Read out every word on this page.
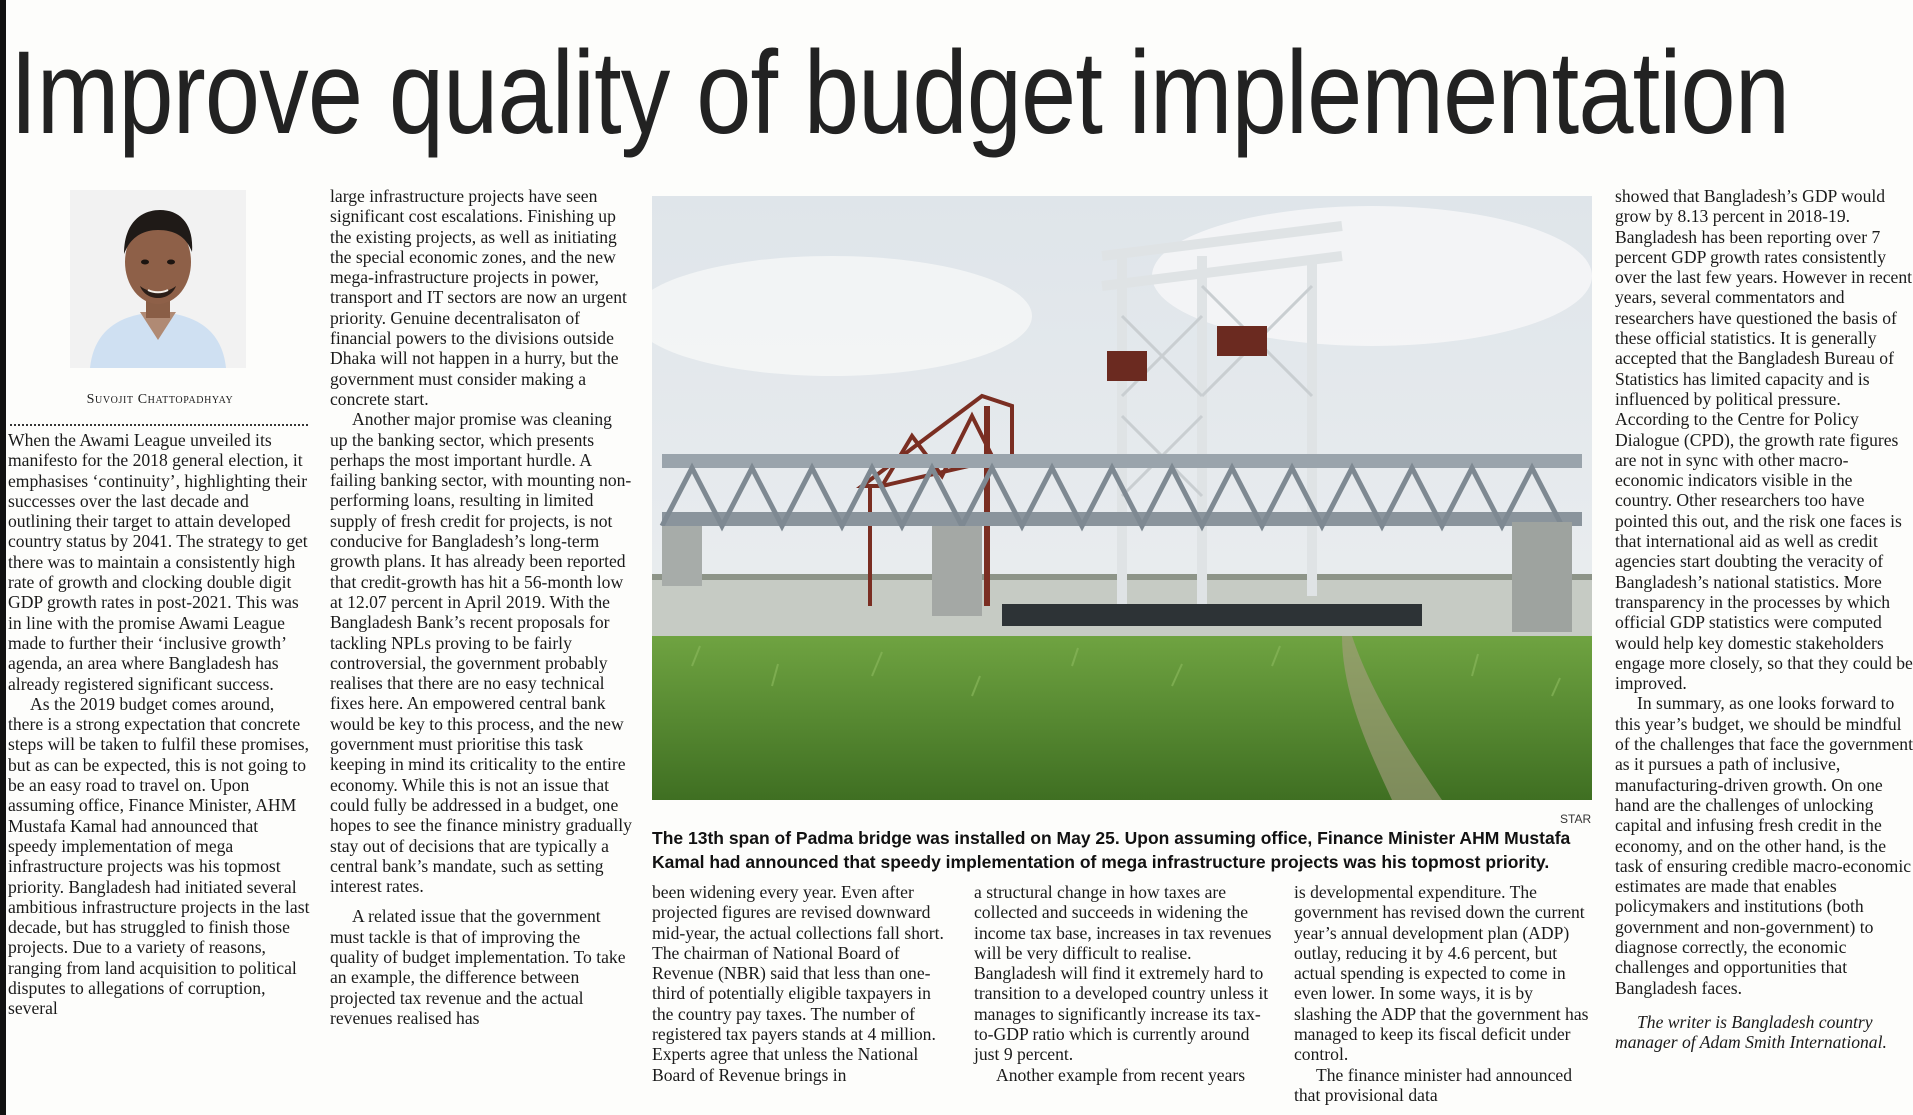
Improve quality of budget implementation
Suvojit Chattopadhyay

When the Awami League unveiled its manifesto for the 2018 general election, it emphasises ‘continuity’, highlighting their successes over the last decade and outlining their target to attain developed country status by 2041. The strategy to get there was to maintain a consistently high rate of growth and clocking double digit GDP growth rates in post-2021. This was in line with the promise Awami League made to further their ‘inclusive growth’ agenda, an area where Bangladesh has already registered significant success.

As the 2019 budget comes around, there is a strong expectation that concrete steps will be taken to fulfil these promises, but as can be expected, this is not going to be an easy road to travel on. Upon assuming office, Finance Minister, AHM Mustafa Kamal had announced that speedy implementation of mega infrastructure projects was his topmost priority. Bangladesh had initiated several ambitious infrastructure projects in the last decade, but has struggled to finish those projects. Due to a variety of reasons, ranging from land acquisition to political disputes to allegations of corruption, several

large infrastructure projects have seen significant cost escalations. Finishing up the existing projects, as well as initiating the special economic zones, and the new mega-infrastructure projects in power, transport and IT sectors are now an urgent priority. Genuine decentralisaton of financial powers to the divisions outside Dhaka will not happen in a hurry, but the government must consider making a concrete start.

Another major promise was cleaning up the banking sector, which presents perhaps the most important hurdle. A failing banking sector, with mounting non-performing loans, resulting in limited supply of fresh credit for projects, is not conducive for Bangladesh’s long-term growth plans. It has already been reported that credit-growth has hit a 56-month low at 12.07 percent in April 2019. With the Bangladesh Bank’s recent proposals for tackling NPLs proving to be fairly controversial, the government probably realises that there are no easy technical fixes here. An empowered central bank would be key to this process, and the new government must prioritise this task keeping in mind its criticality to the entire economy. While this is not an issue that could fully be addressed in a budget, one hopes to see the finance ministry gradually stay out of decisions that are typically a central bank’s mandate, such as setting interest rates.

A related issue that the government must tackle is that of improving the quality of budget implementation. To take an example, the difference between projected tax revenue and the actual revenues realised has

STAR
The 13th span of Padma bridge was installed on May 25. Upon assuming office, Finance Minister AHM Mustafa
Kamal had announced that speedy implementation of mega infrastructure projects was his topmost priority.

been widening every year. Even after projected figures are revised downward mid-year, the actual collections fall short. The chairman of National Board of Revenue (NBR) said that less than one-third of potentially eligible taxpayers in the country pay taxes. The number of registered tax payers stands at 4 million. Experts agree that unless the National Board of Revenue brings in

a structural change in how taxes are collected and succeeds in widening the income tax base, increases in tax revenues will be very difficult to realise. Bangladesh will find it extremely hard to transition to a developed country unless it manages to significantly increase its tax-to-GDP ratio which is currently around just 9 percent.

Another example from recent years

is developmental expenditure. The government has revised down the current year’s annual development plan (ADP) outlay, reducing it by 4.6 percent, but actual spending is expected to come in even lower. In some ways, it is by slashing the ADP that the government has managed to keep its fiscal deficit under control.

The finance minister had announced that provisional data

showed that Bangladesh’s GDP would grow by 8.13 percent in 2018-19. Bangladesh has been reporting over 7 percent GDP growth rates consistently over the last few years. However in recent years, several commentators and researchers have questioned the basis of these official statistics. It is generally accepted that the Bangladesh Bureau of Statistics has limited capacity and is influenced by political pressure. According to the Centre for Policy Dialogue (CPD), the growth rate figures are not in sync with other macro-economic indicators visible in the country. Other researchers too have pointed this out, and the risk one faces is that international aid as well as credit agencies start doubting the veracity of Bangladesh’s national statistics. More transparency in the processes by which official GDP statistics were computed would help key domestic stakeholders engage more closely, so that they could be improved.

In summary, as one looks forward to this year’s budget, we should be mindful of the challenges that face the government as it pursues a path of inclusive, manufacturing-driven growth. On one hand are the challenges of unlocking capital and infusing fresh credit in the economy, and on the other hand, is the task of ensuring credible macro-economic estimates are made that enables policymakers and institutions (both government and non-government) to diagnose correctly, the economic challenges and opportunities that Bangladesh faces.

The writer is Bangladesh country manager of Adam Smith International.
